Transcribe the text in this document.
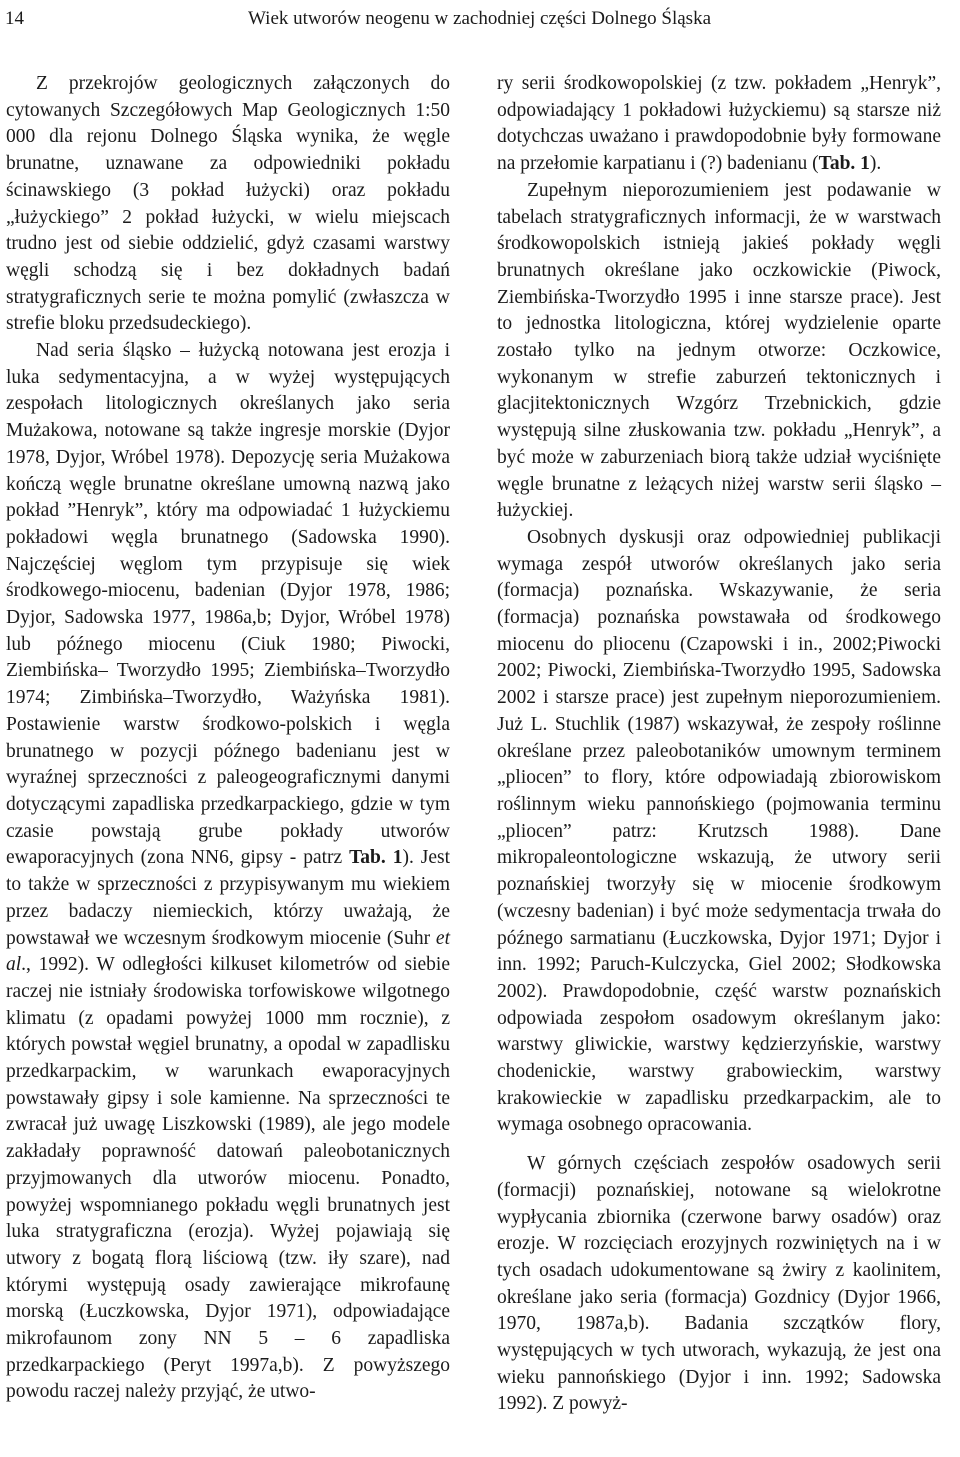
14	Wiek utworów neogenu w zachodniej części Dolnego Śląska

Z przekrojów geologicznych załączonych do cytowanych Szczegółowych Map Geologicznych 1:50 000 dla rejonu Dolnego Śląska wynika, że węgle brunatne, uznawane za odpowiedniki pokładu ścinawskiego (3 pokład łużycki) oraz pokładu „łużyckiego” 2 pokład łużycki, w wielu miejscach trudno jest od siebie oddzielić, gdyż czasami warstwy węgli schodzą się i bez dokładnych badań stratygraficznych serie te można pomylić (zwłaszcza w strefie bloku przedsudeckiego).

Nad seria śląsko – łużycką notowana jest erozja i luka sedymentacyjna, a w wyżej występujących zespołach litologicznych określanych jako seria Mużakowa, notowane są także ingresje morskie (Dyjor 1978, Dyjor, Wróbel 1978). Depozycję seria Mużakowa kończą węgle brunatne określane umowną nazwą jako pokład ”Henryk”, który ma odpowiadać 1 łużyckiemu pokładowi węgla brunatnego (Sadowska 1990). Najczęściej węglom tym przypisuje się wiek środkowego-miocenu, badenian (Dyjor 1978, 1986; Dyjor, Sadowska 1977, 1986a,b; Dyjor, Wróbel 1978) lub późnego miocenu (Ciuk 1980; Piwocki, Ziembińska– Tworzydło 1995; Ziembińska–Tworzydło 1974; Zimbińska–Tworzydło, Ważyńska 1981). Postawienie warstw środkowo-polskich i węgla brunatnego w pozycji późnego badenianu jest w wyraźnej sprzeczności z paleogeograficznymi danymi dotyczącymi zapadliska przedkarpackiego, gdzie w tym czasie powstają grube pokłady utworów ewaporacyjnych (zona NN6, gipsy - patrz Tab. 1). Jest to także w sprzeczności z przypisywanym mu wiekiem przez badaczy niemieckich, którzy uważają, że powstawał we wczesnym środkowym miocenie (Suhr et al., 1992). W odległości kilkuset kilometrów od siebie raczej nie istniały środowiska torfowiskowe wilgotnego klimatu (z opadami powyżej 1000 mm rocznie), z których powstał węgiel brunatny, a opodal w zapadlisku przedkarpackim, w warunkach ewaporacyjnych powstawały gipsy i sole kamienne. Na sprzeczności te zwracał już uwagę Liszkowski (1989), ale jego modele zakładały poprawność datowań paleobotanicznych przyjmowanych dla utworów miocenu. Ponadto, powyżej wspomnianego pokładu węgli brunatnych jest luka stratygraficzna (erozja). Wyżej pojawiają się utwory z bogatą florą liściową (tzw. iły szare), nad którymi występują osady zawierające mikrofaunę morską (Łuczkowska, Dyjor 1971), odpowiadające mikrofaunom zony NN 5 – 6 zapadliska przedkarpackiego (Peryt 1997a,b). Z powyższego powodu raczej należy przyjąć, że utwo-

ry serii środkowopolskiej (z tzw. pokładem „Henryk”, odpowiadający 1 pokładowi łużyckiemu) są starsze niż dotychczas uważano i prawdopodobnie były formowane na przełomie karpatianu i (?) badenianu (Tab. 1).

Zupełnym nieporozumieniem jest podawanie w tabelach stratygraficznych informacji, że w warstwach środkowopolskich istnieją jakieś pokłady węgli brunatnych określane jako oczkowickie (Piwock, Ziembińska-Tworzydło 1995 i inne starsze prace). Jest to jednostka litologiczna, której wydzielenie oparte zostało tylko na jednym otworze: Oczkowice, wykonanym w strefie zaburzeń tektonicznych i glacjitektonicznych Wzgórz Trzebnickich, gdzie występują silne złuskowania tzw. pokładu „Henryk”, a być może w zaburzeniach biorą także udział wyciśnięte węgle brunatne z leżących niżej warstw serii śląsko – łużyckiej.

Osobnych dyskusji oraz odpowiedniej publikacji wymaga zespół utworów określanych jako seria (formacja) poznańska. Wskazywanie, że seria (formacja) poznańska powstawała od środkowego miocenu do pliocenu (Czapowski i in., 2002;Piwocki 2002; Piwocki, Ziembińska-Tworzydło 1995, Sadowska 2002 i starsze prace) jest zupełnym nieporozumieniem. Już L. Stuchlik (1987) wskazywał, że zespoły roślinne określane przez paleobotaników umownym terminem „pliocen” to flory, które odpowiadają zbiorowiskom roślinnym wieku pannońskiego (pojmowania terminu „pliocen” patrz: Krutzsch 1988). Dane mikropaleontologiczne wskazują, że utwory serii poznańskiej tworzyły się w miocenie środkowym (wczesny badenian) i być może sedymentacja trwała do późnego sarmatianu (Łuczkowska, Dyjor 1971; Dyjor i inn. 1992; Paruch-Kulczycka, Giel 2002; Słodkowska 2002). Prawdopodobnie, część warstw poznańskich odpowiada zespołom osadowym określanym jako: warstwy gliwickie, warstwy kędzierzyńskie, warstwy chodenickie, warstwy grabowieckim, warstwy krakowieckie w zapadlisku przedkarpackim, ale to wymaga osobnego opracowania.

W górnych częściach zespołów osadowych serii (formacji) poznańskiej, notowane są wielokrotne wypłycania zbiornika (czerwone barwy osadów) oraz erozje. W rozcięciach erozyjnych rozwiniętych na i w tych osadach udokumentowane są żwiry z kaolinitem, określane jako seria (formacja) Gozdnicy (Dyjor 1966, 1970, 1987a,b). Badania szczątków flory, występujących w tych utworach, wykazują, że jest ona wieku pannońskiego (Dyjor i inn. 1992; Sadowska 1992). Z powyż-
